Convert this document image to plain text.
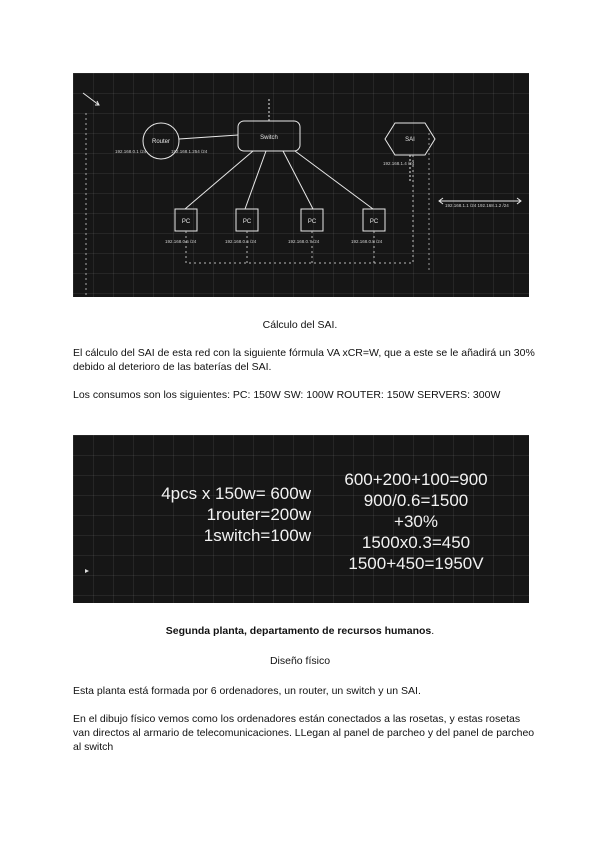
Router
Switch	SAI
PC	PC	PC	PC
192.168.0.1 /24	192.168.1.254 /24
192.168.1.4 /24
192.168.0.5 /24	192.168.0.6 /24	192.168.0.7 /24	192.168.0.8 /24
192.168.1.1 /24 192.168.1.2 /24
Cálculo del SAI.

El cálculo del SAI de esta red con la siguiente fórmula VA xCR=W, que a este se le añadirá un 30% debido al deterioro de las baterías del SAI.

Los consumos son los siguientes: PC: 150W SW: 100W ROUTER: 150W SERVERS: 300W

4pcs x 150w= 600w
1router=200w
1switch=100w
600+200+100=900
900/0.6=1500
+30%
1500x0.3=450
1500+450=1950V
Segunda planta, departamento de recursos humanos.
Diseño físico

Esta planta está formada por 6 ordenadores, un router, un switch y un SAI.

En el dibujo físico vemos como los ordenadores están conectados a las rosetas, y estas rosetas van directos al armario de telecomunicaciones. LLegan al panel de parcheo y del panel de parcheo al switch
